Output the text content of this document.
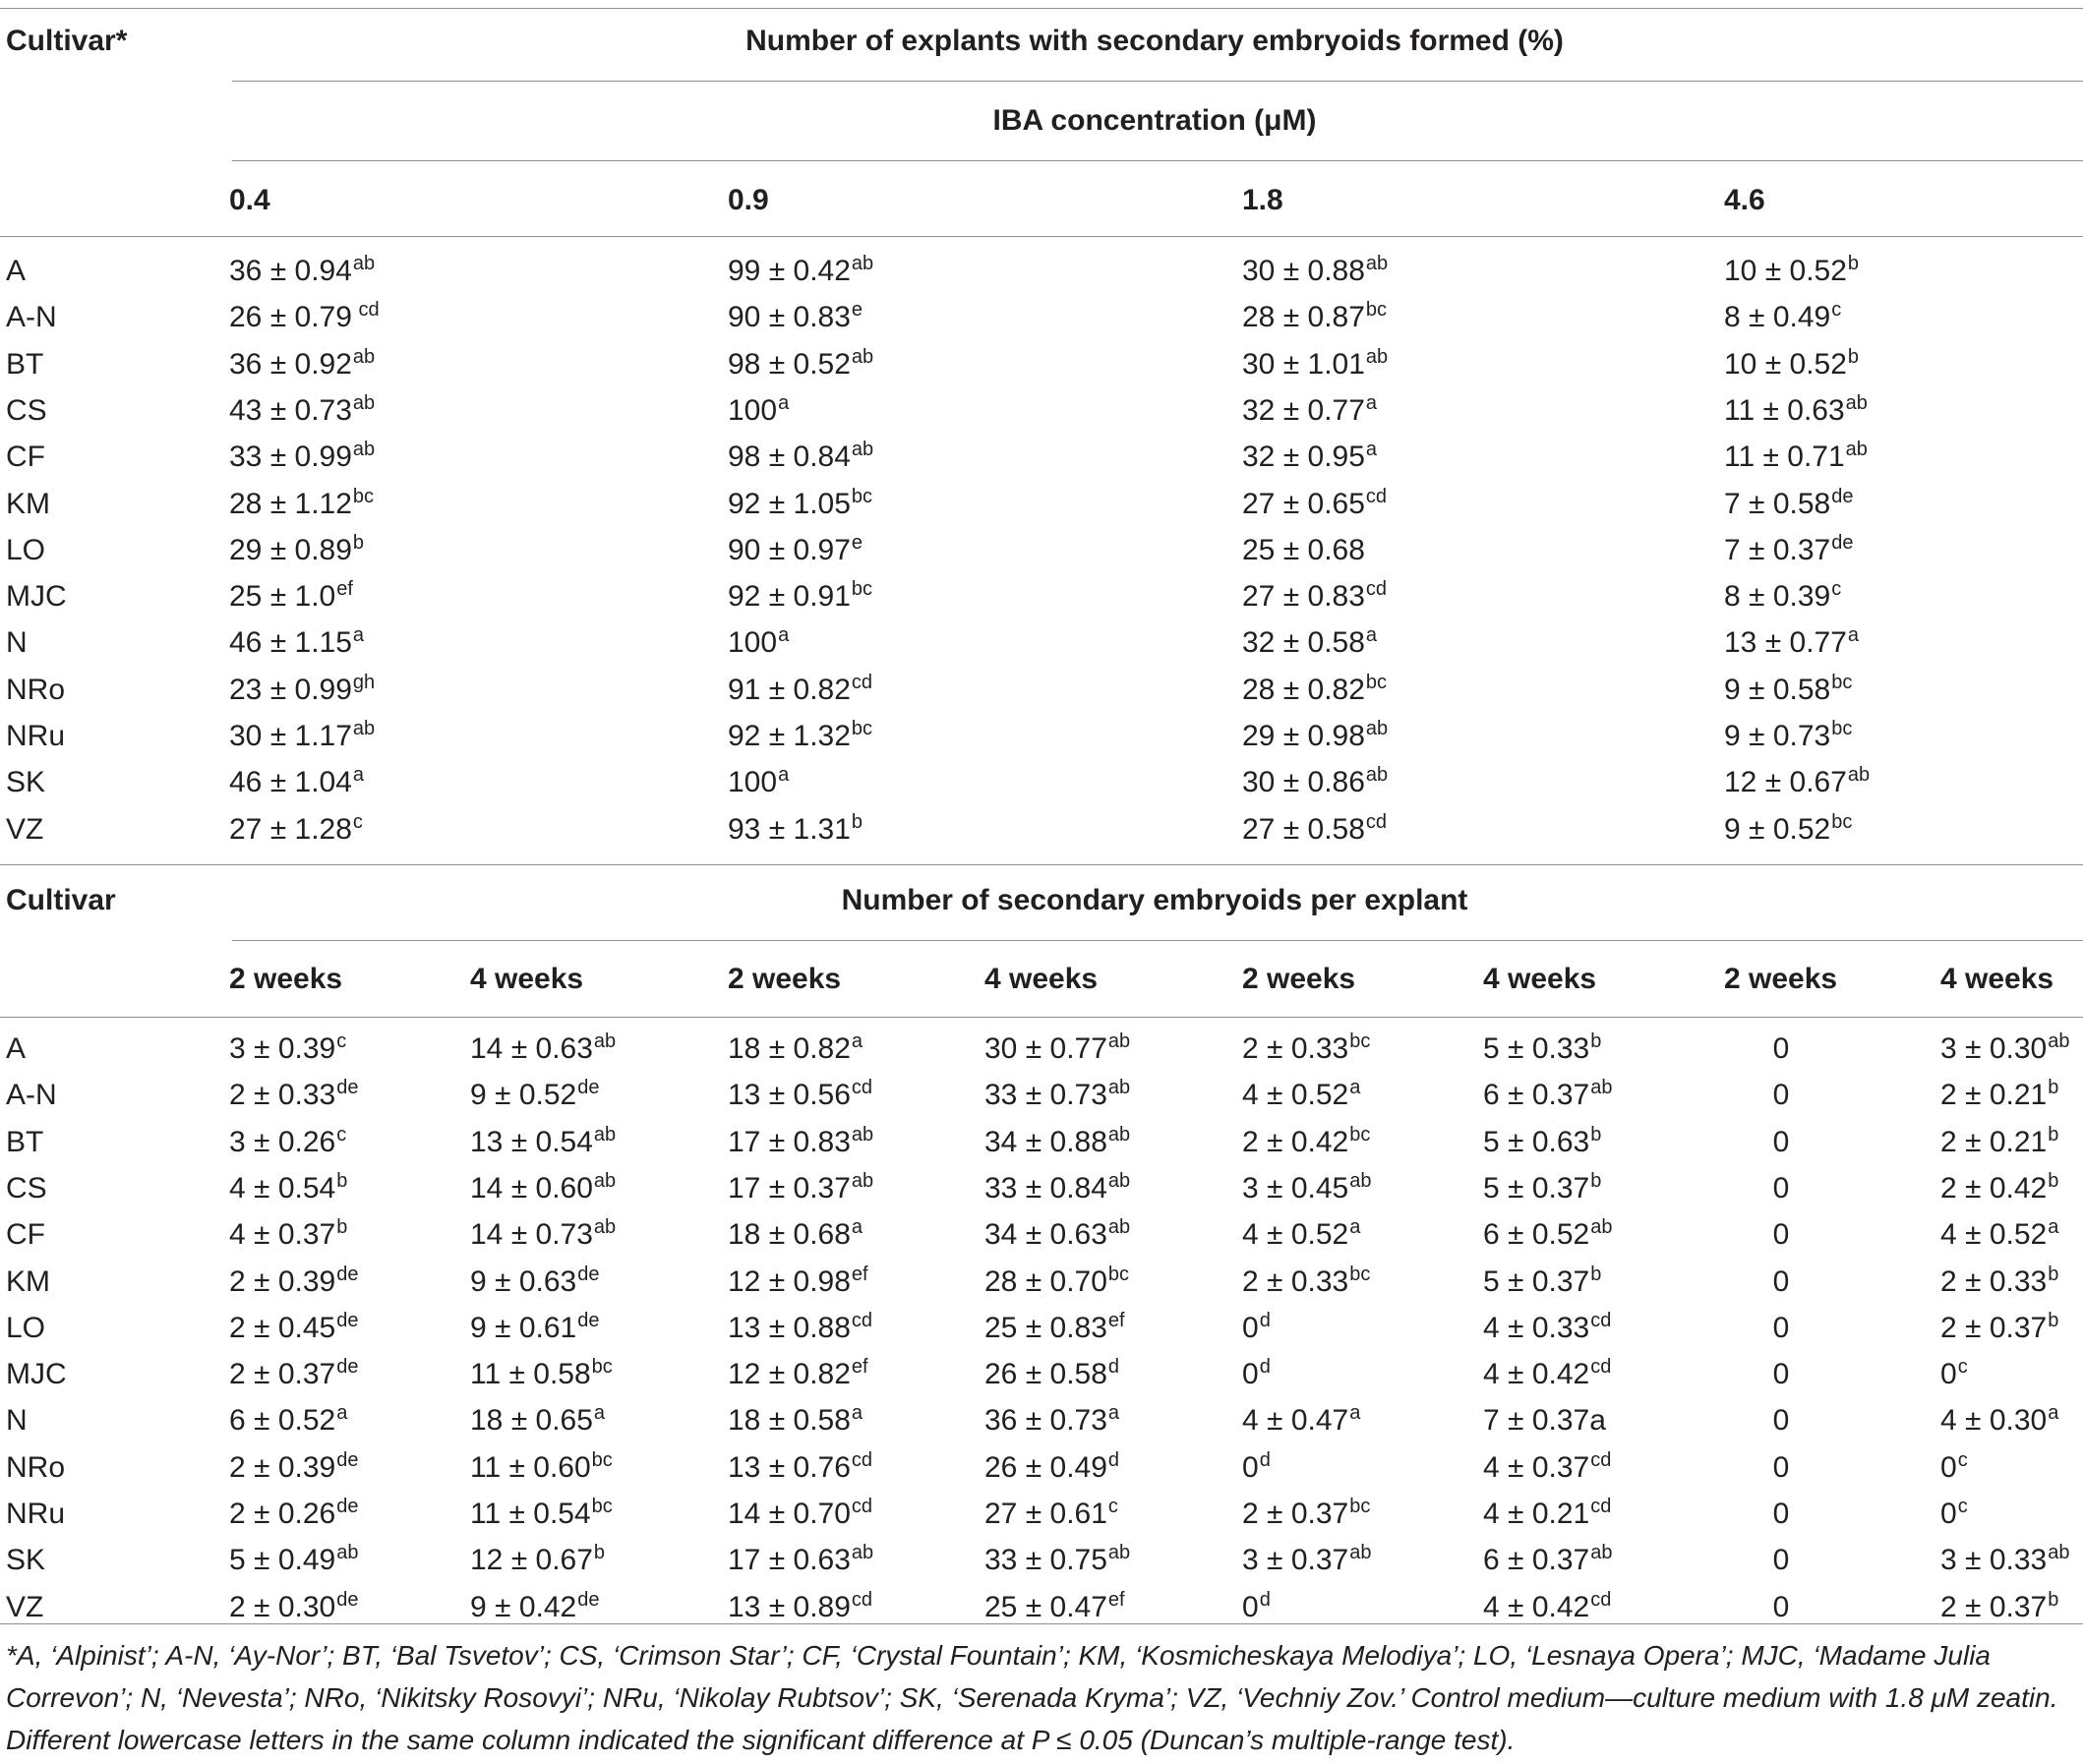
Cultivar*	Number of explants with secondary embryoids formed (%)
IBA concentration (μM)
0.4	0.9	1.8	4.6
A	36 ± 0.94$^{ab}$	99 ± 0.42$^{ab}$	30 ± 0.88$^{ab}$	10 ± 0.52$^b$
A-N	26 ± 0.79 $^{cd}$	90 ± 0.83$^e$	28 ± 0.87$^{bc}$	8 ± 0.49$^c$
BT	36 ± 0.92$^{ab}$	98 ± 0.52$^{ab}$	30 ± 1.01$^{ab}$	10 ± 0.52$^b$
CS	43 ± 0.73$^{ab}$	100$^a$	32 ± 0.77$^a$	11 ± 0.63$^{ab}$
CF	33 ± 0.99$^{ab}$	98 ± 0.84$^{ab}$	32 ± 0.95$^a$	11 ± 0.71$^{ab}$
KM	28 ± 1.12$^{bc}$	92 ± 1.05$^{bc}$	27 ± 0.65$^{cd}$	7 ± 0.58de
LO	29 ± 0.89$^b$	90 ± 0.97$^e$	25 ± 0.68	7 ± 0.37de
MJC	25 ± 1.0$^{ef}$	92 ± 0.91$^{bc}$	27 ± 0.83$^{cd}$	8 ± 0.39$^c$
N	46 ± 1.15$^a$	100$^a$	32 ± 0.58$^a$	13 ± 0.77$^a$
NRo	23 ± 0.99$^{gh}$	91 ± 0.82$^{cd}$	28 ± 0.82$^{bc}$	9 ± 0.58$^{bc}$
NRu	30 ± 1.17$^{ab}$	92 ± 1.32$^{bc}$	29 ± 0.98$^{ab}$	9 ± 0.73$^{bc}$
SK	46 ± 1.04$^a$	100$^a$	30 ± 0.86$^{ab}$	12 ± 0.67$^{ab}$
VZ	27 ± 1.28$^c$	93 ± 1.31$^b$	27 ± 0.58$^{cd}$	9 ± 0.52$^{bc}$
Cultivar	Number of secondary embryoids per explant
2 weeks	4 weeks	2 weeks	4 weeks	2 weeks	4 weeks	2 weeks	4 weeks
A	3 ± 0.39$^c$	14 ± 0.63$^{ab}$	18 ± 0.82$^a$	30 ± 0.77$^{ab}$	2 ± 0.33$^{bc}$	5 ± 0.33$^b$	0	3 ± 0.30$^{ab}$
A-N	2 ± 0.33de	9 ± 0.52de	13 ± 0.56$^{cd}$	33 ± 0.73$^{ab}$	4 ± 0.52$^a$	6 ± 0.37$^{ab}$	0	2 ± 0.21$^b$
BT	3 ± 0.26$^c$	13 ± 0.54$^{ab}$	17 ± 0.83$^{ab}$	34 ± 0.88$^{ab}$	2 ± 0.42$^{bc}$	5 ± 0.63$^b$	0	2 ± 0.21$^b$
CS	4 ± 0.54$^b$	14 ± 0.60$^{ab}$	17 ± 0.37$^{ab}$	33 ± 0.84$^{ab}$	3 ± 0.45$^{ab}$	5 ± 0.37$^b$	0	2 ± 0.42$^b$
CF	4 ± 0.37$^b$	14 ± 0.73$^{ab}$	18 ± 0.68$^a$	34 ± 0.63$^{ab}$	4 ± 0.52$^a$	6 ± 0.52$^{ab}$	0	4 ± 0.52$^a$
KM	2 ± 0.39de	9 ± 0.63de	12 ± 0.98$^{ef}$	28 ± 0.70$^{bc}$	2 ± 0.33$^{bc}$	5 ± 0.37$^b$	0	2 ± 0.33$^b$
LO	2 ± 0.45de	9 ± 0.61de	13 ± 0.88$^{cd}$	25 ± 0.83$^{ef}$	0$^d$	4 ± 0.33$^{cd}$	0	2 ± 0.37$^b$
MJC	2 ± 0.37de	11 ± 0.58$^{bc}$	12 ± 0.82$^{ef}$	26 ± 0.58$^d$	0$^d$	4 ± 0.42$^{cd}$	0	0$^c$
N	6 ± 0.52$^a$	18 ± 0.65$^a$	18 ± 0.58$^a$	36 ± 0.73$^a$	4 ± 0.47$^a$	7 ± 0.37a	0	4 ± 0.30$^a$
NRo	2 ± 0.39de	11 ± 0.60$^{bc}$	13 ± 0.76$^{cd}$	26 ± 0.49$^d$	0$^d$	4 ± 0.37$^{cd}$	0	0$^c$
NRu	2 ± 0.26de	11 ± 0.54$^{bc}$	14 ± 0.70$^{cd}$	27 ± 0.61$^c$	2 ± 0.37$^{bc}$	4 ± 0.21$^{cd}$	0	0$^c$
SK	5 ± 0.49$^{ab}$	12 ± 0.67$^b$	17 ± 0.63$^{ab}$	33 ± 0.75$^{ab}$	3 ± 0.37$^{ab}$	6 ± 0.37$^{ab}$	0	3 ± 0.33$^{ab}$
VZ	2 ± 0.30de	9 ± 0.42de	13 ± 0.89$^{cd}$	25 ± 0.47$^{ef}$	0$^d$	4 ± 0.42$^{cd}$	0	2 ± 0.37$^b$
*A, ‘Alpinist’; A-N, ‘Ay-Nor’; BT, ‘Bal Tsvetov’; CS, ‘Crimson Star’; CF, ‘Crystal Fountain’; KM, ‘Kosmicheskaya Melodiya’; LO, ‘Lesnaya Opera’; MJC, ‘Madame Julia
Correvon’; N, ‘Nevesta’; NRo, ‘Nikitsky Rosovyi’; NRu, ‘Nikolay Rubtsov’; SK, ‘Serenada Kryma’; VZ, ‘Vechniy Zov.’ Control medium—culture medium with 1.8 μM zeatin.
Different lowercase letters in the same column indicated the significant difference at P ≤ 0.05 (Duncan’s multiple-range test).
